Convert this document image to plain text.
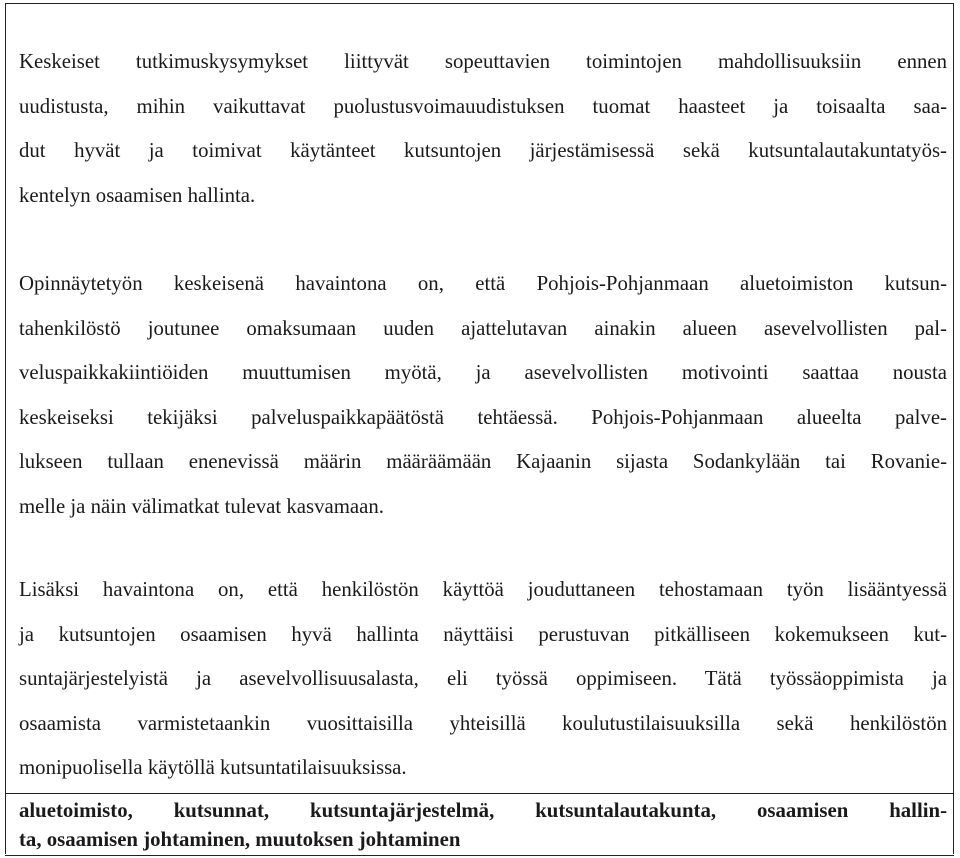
Keskeiset tutkimuskysymykset liittyvät sopeuttavien toimintojen mahdollisuuksiin ennen
uudistusta, mihin vaikuttavat puolustusvoimauudistuksen tuomat haasteet ja toisaalta saa-
dut hyvät ja toimivat käytänteet kutsuntojen järjestämisessä sekä kutsuntalautakuntatyös-
kentelyn osaamisen hallinta.
Opinnäytetyön keskeisenä havaintona on, että Pohjois-Pohjanmaan aluetoimiston kutsun-
tahenkilöstö joutunee omaksumaan uuden ajattelutavan ainakin alueen asevelvollisten pal-
veluspaikkakiintiöiden muuttumisen myötä, ja asevelvollisten motivointi saattaa nousta
keskeiseksi tekijäksi palveluspaikkapäätöstä tehtäessä. Pohjois-Pohjanmaan alueelta palve-
lukseen tullaan enenevissä määrin määräämään Kajaanin sijasta Sodankylään tai Rovanie-
melle ja näin välimatkat tulevat kasvamaan.
Lisäksi havaintona on, että henkilöstön käyttöä jouduttaneen tehostamaan työn lisääntyessä
ja kutsuntojen osaamisen hyvä hallinta näyttäisi perustuvan pitkälliseen kokemukseen kut-
suntajärjestelyistä ja asevelvollisuusalasta, eli työssä oppimiseen. Tätä työssäoppimista ja
osaamista varmistetaankin vuosittaisilla yhteisillä koulutustilaisuuksilla sekä henkilöstön
monipuolisella käytöllä kutsuntatilaisuuksissa.
aluetoimisto, kutsunnat, kutsuntajärjestelmä, kutsuntalautakunta, osaamisen hallin-
ta, osaamisen johtaminen, muutoksen johtaminen
